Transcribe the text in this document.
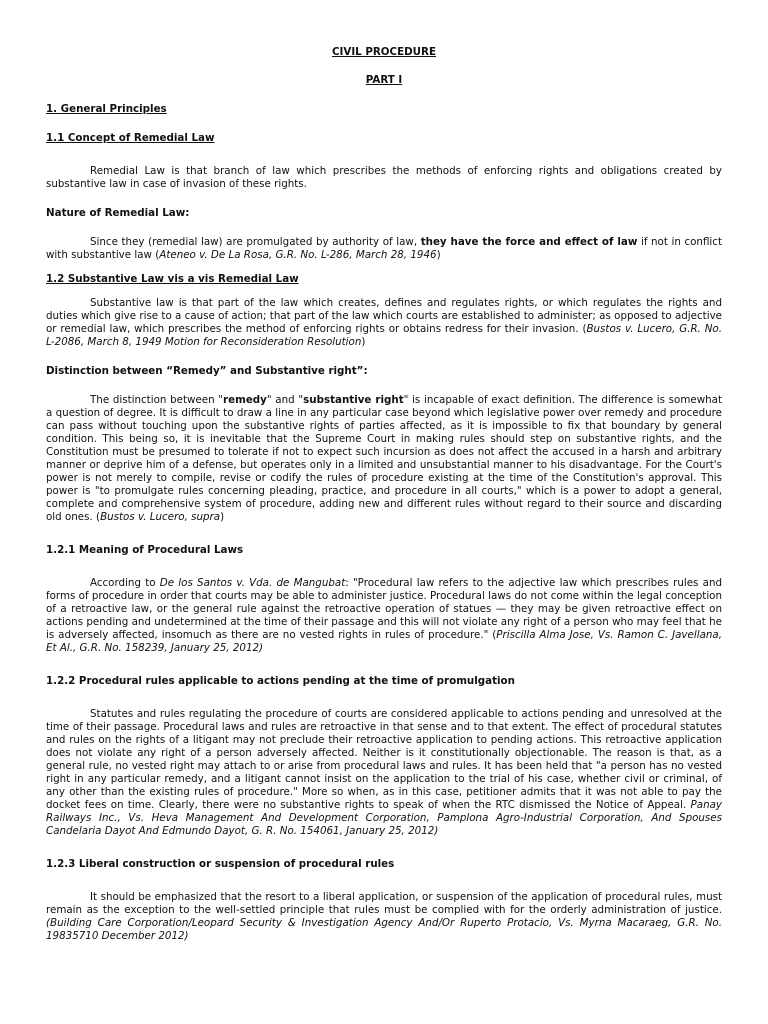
CIVIL PROCEDURE
PART I
1. General Principles
1.1 Concept of Remedial Law

Remedial Law is that branch of law which prescribes the methods of enforcing rights and obligations created by substantive law in case of invasion of these rights.

Nature of Remedial Law:

Since they (remedial law) are promulgated by authority of law, they have the force and effect of law if not in conflict with substantive law (Ateneo v. De La Rosa, G.R. No. L-286, March 28, 1946)

1.2 Substantive Law vis a vis Remedial Law

Substantive law is that part of the law which creates, defines and regulates rights, or which regulates the rights and duties which give rise to a cause of action; that part of the law which courts are established to administer; as opposed to adjective or remedial law, which prescribes the method of enforcing rights or obtains redress for their invasion. (Bustos v. Lucero, G.R. No. L-2086, March 8, 1949 Motion for Reconsideration Resolution)

Distinction between “Remedy” and Substantive right”:

The distinction between "remedy" and "substantive right" is incapable of exact definition. The difference is somewhat a question of degree. It is difficult to draw a line in any particular case beyond which legislative power over remedy and procedure can pass without touching upon the substantive rights of parties affected, as it is impossible to fix that boundary by general condition. This being so, it is inevitable that the Supreme Court in making rules should step on substantive rights, and the Constitution must be presumed to tolerate if not to expect such incursion as does not affect the accused in a harsh and arbitrary manner or deprive him of a defense, but operates only in a limited and unsubstantial manner to his disadvantage. For the Court's power is not merely to compile, revise or codify the rules of procedure existing at the time of the Constitution's approval. This power is "to promulgate rules concerning pleading, practice, and procedure in all courts," which is a power to adopt a general, complete and comprehensive system of procedure, adding new and different rules without regard to their source and discarding old ones. (Bustos v. Lucero, supra)

1.2.1 Meaning of Procedural Laws

According to De los Santos v. Vda. de Mangubat: "Procedural law refers to the adjective law which prescribes rules and forms of procedure in order that courts may be able to administer justice. Procedural laws do not come within the legal conception of a retroactive law, or the general rule against the retroactive operation of statues — they may be given retroactive effect on actions pending and undetermined at the time of their passage and this will not violate any right of a person who may feel that he is adversely affected, insomuch as there are no vested rights in rules of procedure." (Priscilla Alma Jose, Vs. Ramon C. Javellana, Et Al., G.R. No. 158239, January 25, 2012)

1.2.2 Procedural rules applicable to actions pending at the time of promulgation

Statutes and rules regulating the procedure of courts are considered applicable to actions pending and unresolved at the time of their passage. Procedural laws and rules are retroactive in that sense and to that extent. The effect of procedural statutes and rules on the rights of a litigant may not preclude their retroactive application to pending actions. This retroactive application does not violate any right of a person adversely affected. Neither is it constitutionally objectionable. The reason is that, as a general rule, no vested right may attach to or arise from procedural laws and rules. It has been held that "a person has no vested right in any particular remedy, and a litigant cannot insist on the application to the trial of his case, whether civil or criminal, of any other than the existing rules of procedure." More so when, as in this case, petitioner admits that it was not able to pay the docket fees on time. Clearly, there were no substantive rights to speak of when the RTC dismissed the Notice of Appeal. Panay Railways Inc., Vs. Heva Management And Development Corporation, Pamplona Agro-Industrial Corporation, And Spouses Candelaria Dayot And Edmundo Dayot, G. R. No. 154061, January 25, 2012)

1.2.3 Liberal construction or suspension of procedural rules

It should be emphasized that the resort to a liberal application, or suspension of the application of procedural rules, must remain as the exception to the well-settled principle that rules must be complied with for the orderly administration of justice. (Building Care Corporation/Leopard Security & Investigation Agency And/Or Ruperto Protacio, Vs. Myrna Macaraeg, G.R. No. 19835710 December 2012)
